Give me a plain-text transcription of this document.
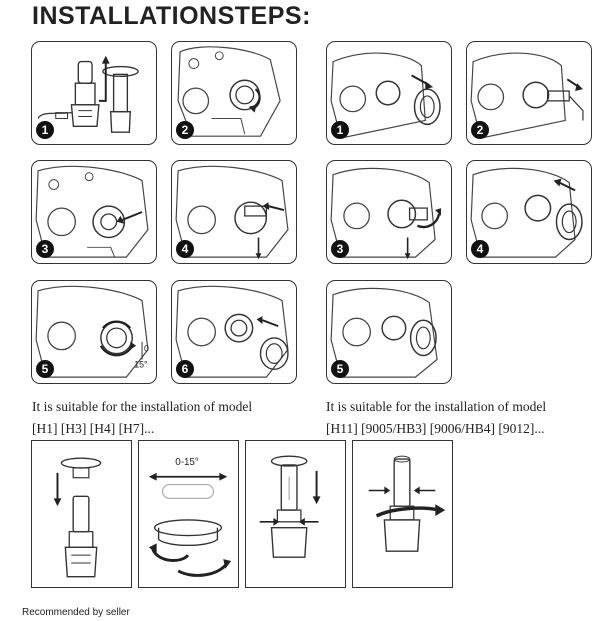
INSTALLATIONSTEPS:
1	2
3	4
0
15°
5	6
1	2
3	4
5
It is suitable for the installation of model
[H1] [H3] [H4] [H7]...
It is suitable for the installation of model
[H11] [9005/HB3] [9006/HB4] [9012]...
0-15°
Recommended by seller
